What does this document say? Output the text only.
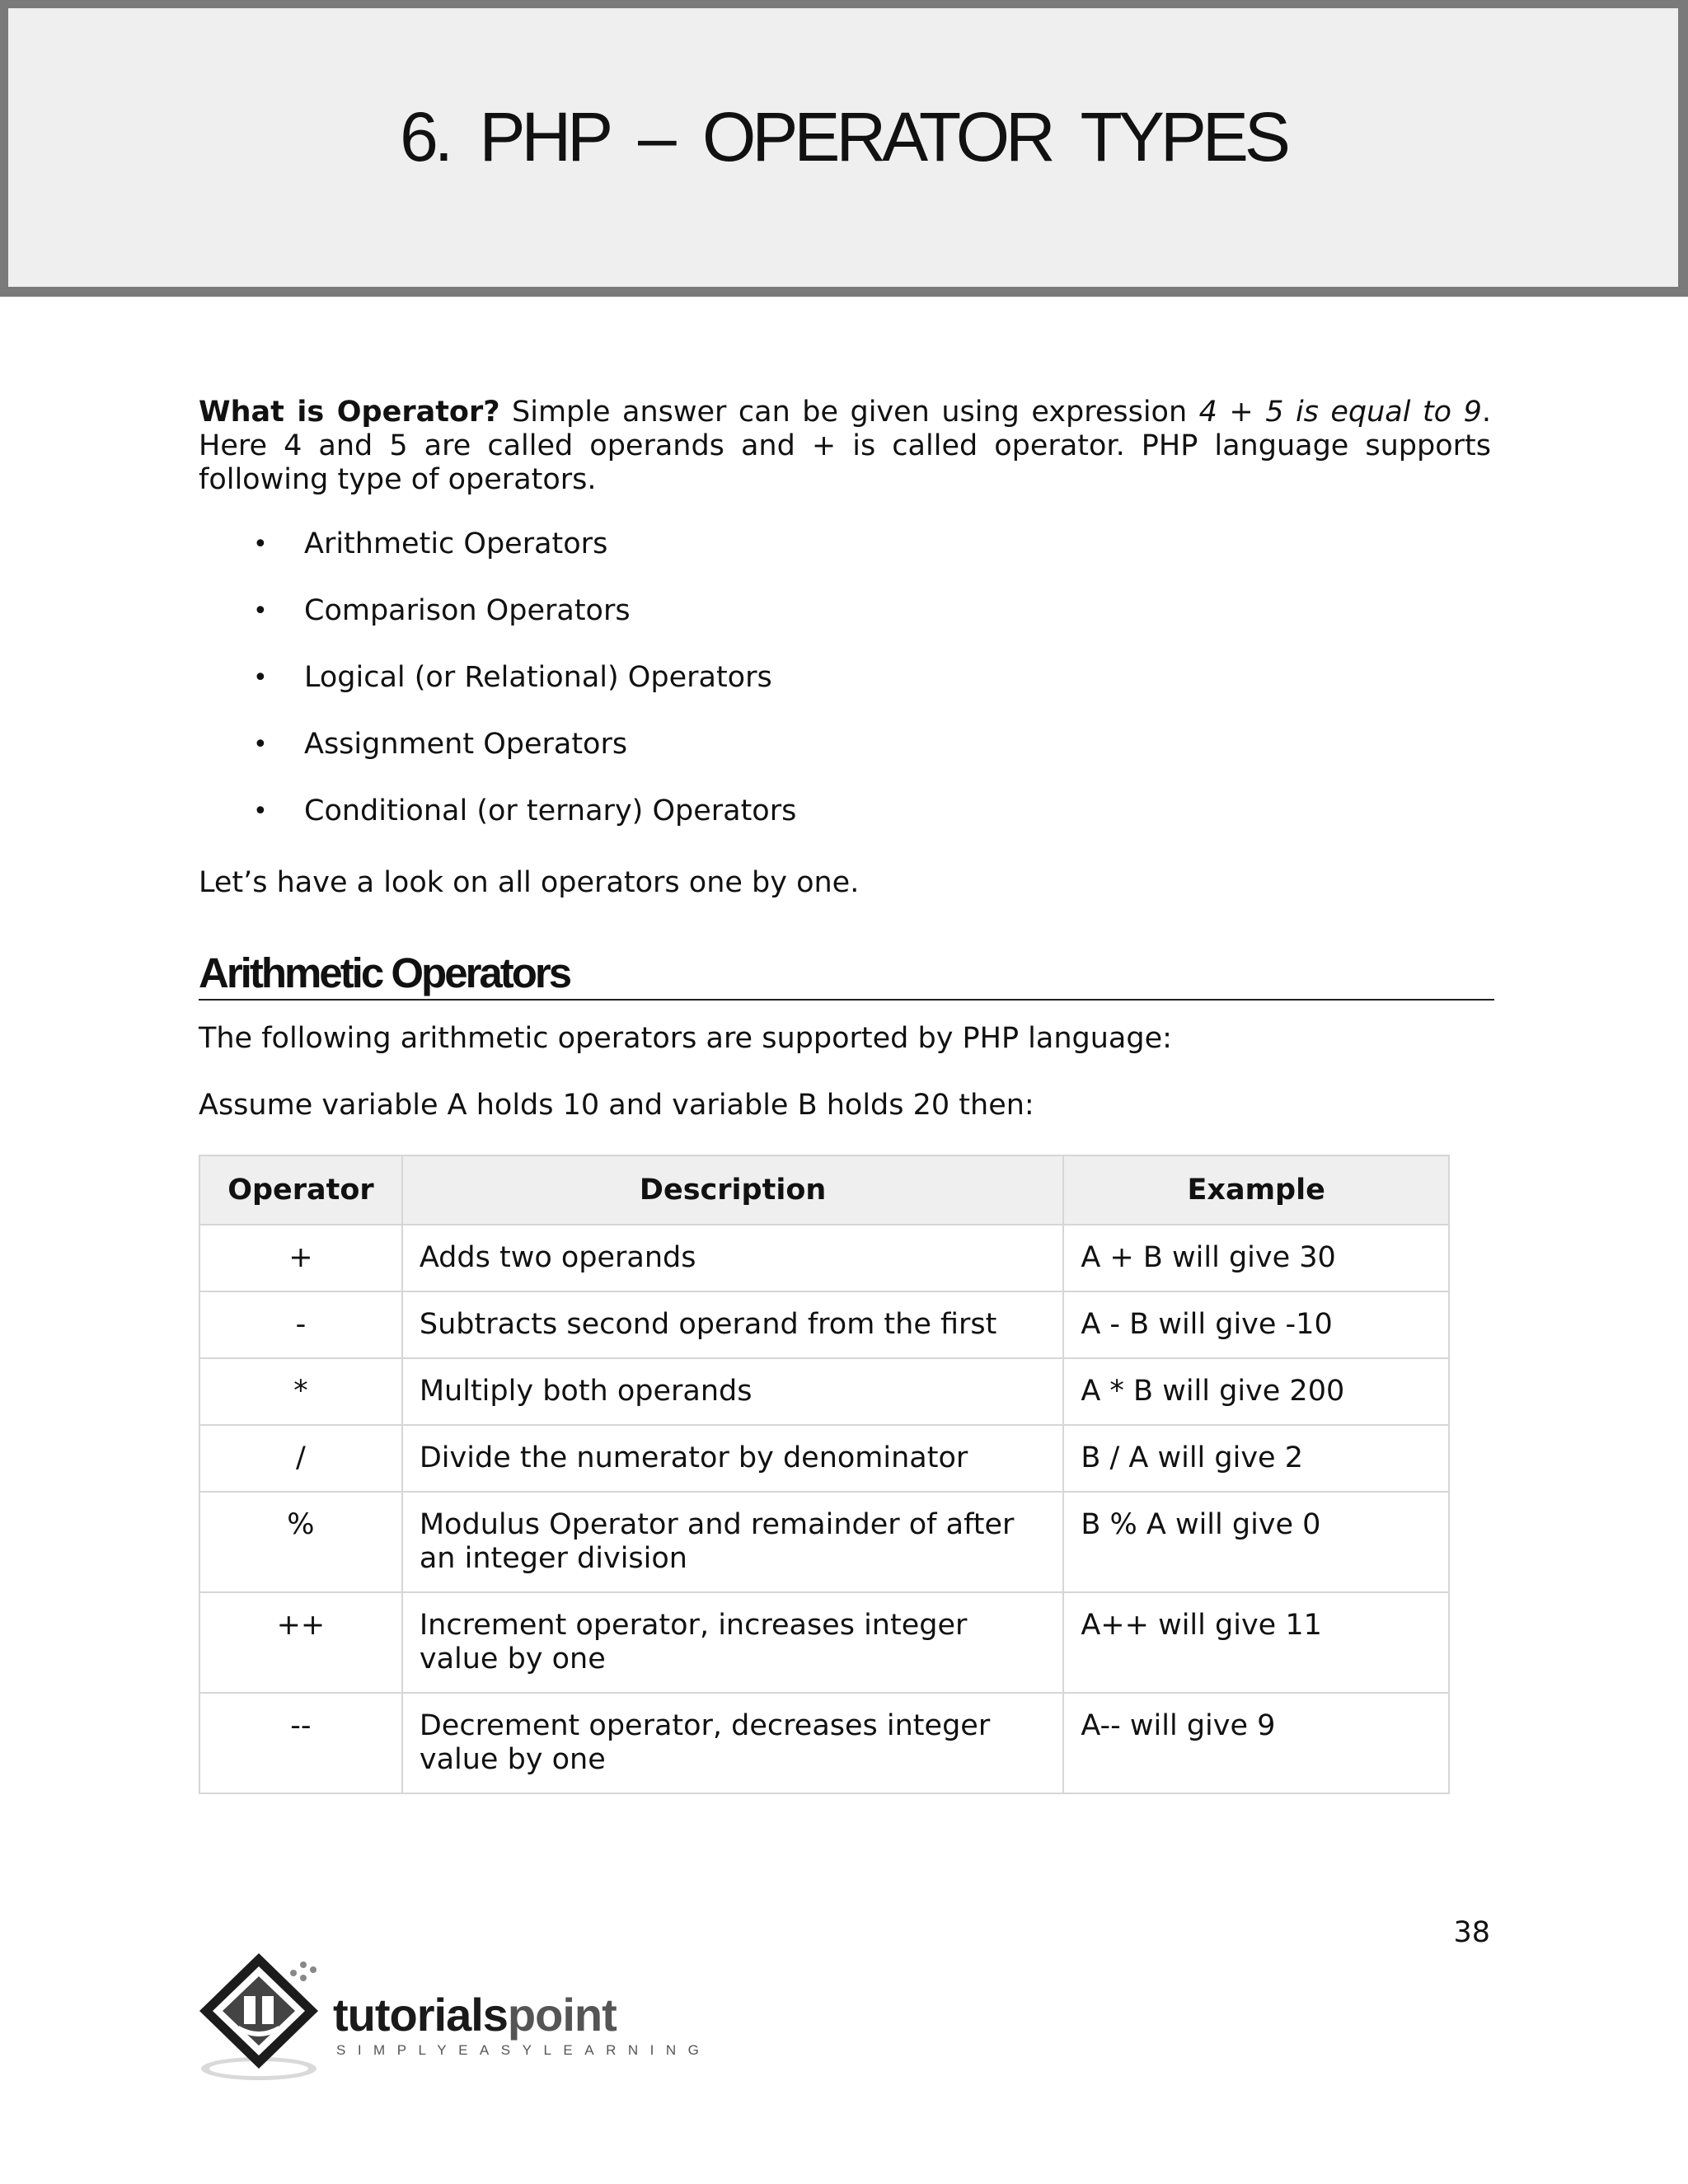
6. PHP – OPERATOR TYPES
What is Operator? Simple answer can be given using expression 4 + 5 is equal to 9. Here 4 and 5 are called operands and + is called operator. PHP language supports following type of operators.
• Arithmetic Operators
• Comparison Operators
• Logical (or Relational) Operators
• Assignment Operators
• Conditional (or ternary) Operators
Let’s have a look on all operators one by one.
Arithmetic Operators
The following arithmetic operators are supported by PHP language:
Assume variable A holds 10 and variable B holds 20 then:
Operator	Description	Example
+	Adds two operands	A + B will give 30
-	Subtracts second operand from the first	A - B will give -10
*	Multiply both operands	A * B will give 200
/	Divide the numerator by denominator	B / A will give 2
%	Modulus Operator and remainder of after an integer division	B % A will give 0
++	Increment operator, increases integer value by one	A++ will give 11
--	Decrement operator, decreases integer value by one	A-- will give 9
38
tutorialspoint
SIMPLYEASYLEARNING
